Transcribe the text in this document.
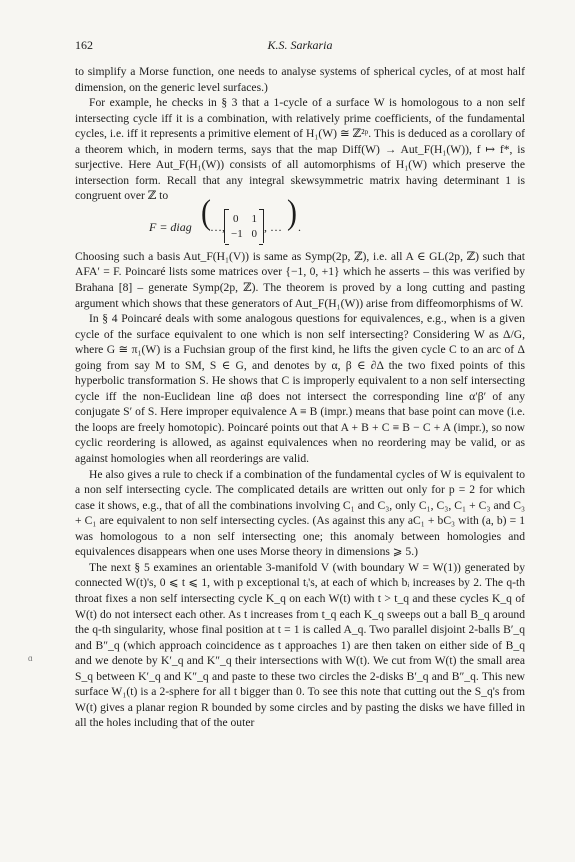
162	K.S. Sarkaria

to simplify a Morse function, one needs to analyse systems of spherical cycles, of at most half dimension, on the generic level surfaces.)

For example, he checks in § 3 that a 1-cycle of a surface W is homologous to a non self intersecting cycle iff it is a combination, with relatively prime coefficients, of the fundamental cycles, i.e. iff it represents a primitive element of H₁(W) ≅ ℤ²ᵖ. This is deduced as a corollary of a theorem which, in modern terms, says that the map Diff(W) → Aut_F(H₁(W)), f ↦ f*, is surjective. Here Aut_F(H₁(W)) consists of all automorphisms of H₁(W) which preserve the intersection form. Recall that any integral skewsymmetric matrix having determinant 1 is congruent over ℤ to

F = diag ( …,
0 1
−1 0 , … ) .

Choosing such a basis Aut_F(H₁(V)) is same as Symp(2p, ℤ), i.e. all A ∈ GL(2p, ℤ) such that AFA′ = F. Poincaré lists some matrices over {−1, 0, +1} which he asserts – this was verified by Brahana [8] – generate Symp(2p, ℤ). The theorem is proved by a long cutting and pasting argument which shows that these generators of Aut_F(H₁(W)) arise from diffeomorphisms of W.

In § 4 Poincaré deals with some analogous questions for equivalences, e.g., when is a given cycle of the surface equivalent to one which is non self intersecting? Considering W as Δ/G, where G ≅ π₁(W) is a Fuchsian group of the first kind, he lifts the given cycle C to an arc of Δ going from say M to SM, S ∈ G, and denotes by α, β ∈ ∂Δ the two fixed points of this hyperbolic transformation S. He shows that C is improperly equivalent to a non self intersecting cycle iff the non-Euclidean line αβ does not intersect the corresponding line α′β′ of any conjugate S′ of S. Here improper equivalence A ≡ B (impr.) means that base point can move (i.e. the loops are freely homotopic). Poincaré points out that A + B + C ≡ B − C + A (impr.), so now cyclic reordering is allowed, as against equivalences when no reordering may be valid, or as against homologies when all reorderings are valid.

He also gives a rule to check if a combination of the fundamental cycles of W is equivalent to a non self intersecting cycle. The complicated details are written out only for p = 2 for which case it shows, e.g., that of all the combinations involving C₁ and C₃, only C₁, C₃, C₁ + C₃ and C₃ + C₁ are equivalent to non self intersecting cycles. (As against this any aC₁ + bC₃ with (a, b) = 1 was homologous to a non self intersecting one; this anomaly between homologies and equivalences disappears when one uses Morse theory in dimensions ⩾ 5.)

The next § 5 examines an orientable 3-manifold V (with boundary W = W(1)) generated by connected W(t)'s, 0 ⩽ t ⩽ 1, with p exceptional tᵢ's, at each of which bᵢ increases by 2. The q-th throat fixes a non self intersecting cycle K_q on each W(t) with t > t_q and these cycles K_q of W(t) do not intersect each other. As t increases from t_q each K_q sweeps out a ball B_q around the q-th singularity, whose final position at t = 1 is called A_q. Two parallel disjoint 2-balls B′_q and B″_q (which approach coincidence as t approaches 1) are then taken on either side of B_q and we denote by K′_q and K″_q their intersections with W(t). We cut from W(t) the small area S_q between K′_q and K″_q and paste to these two circles the 2-disks B′_q and B″_q. This new surface W₁(t) is a 2-sphere for all t bigger than 0. To see this note that cutting out the S_q's from W(t) gives a planar region R bounded by some circles and by pasting the disks we have filled in all the holes including that of the outer

ɑ
